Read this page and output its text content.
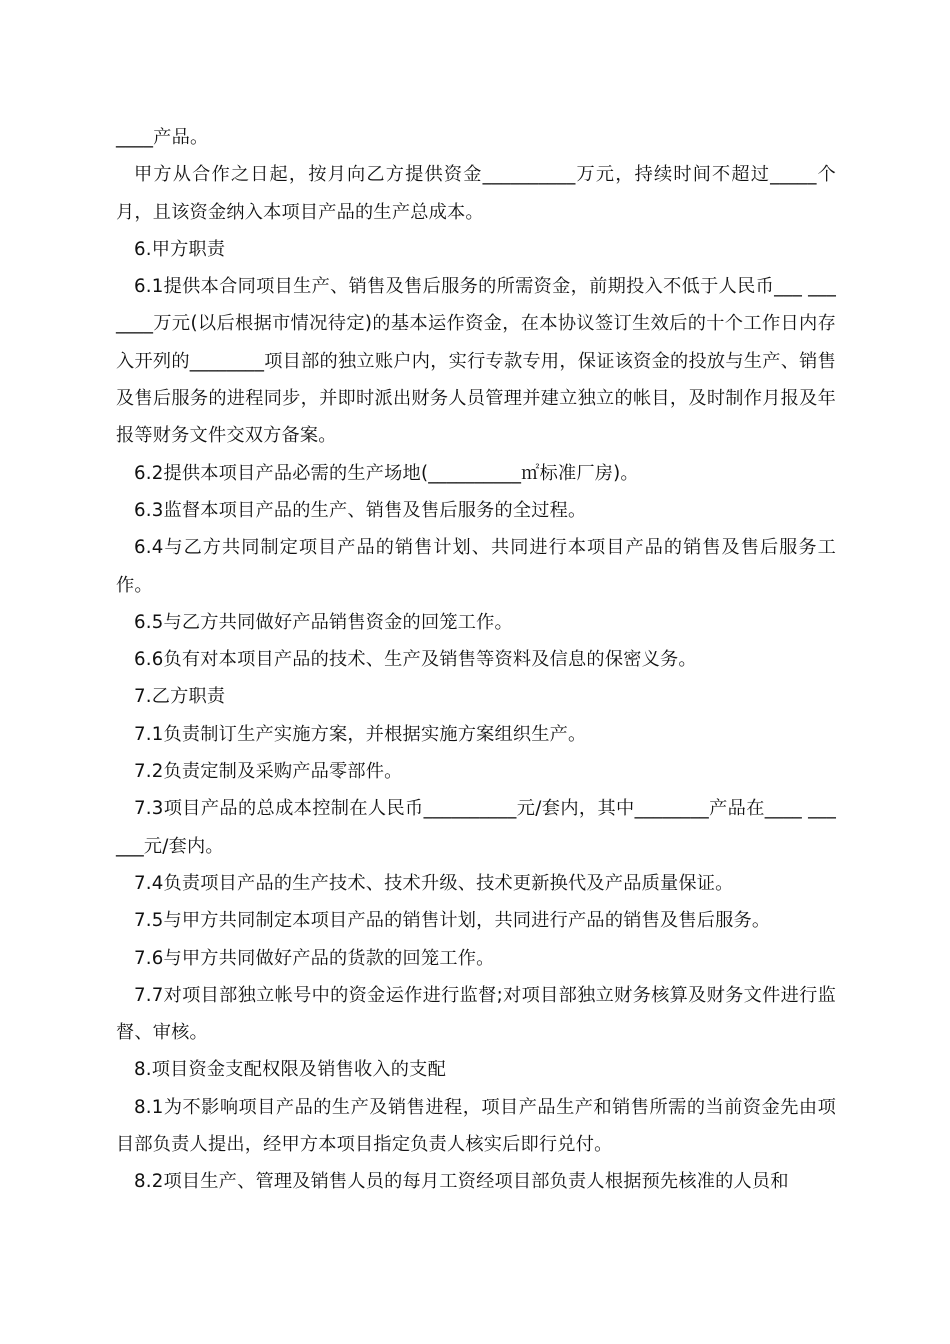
____产品。

甲方从合作之日起，按月向乙方提供资金__________万元，持续时间不超过_____个月，且该资金纳入本项目产品的生产总成本。

6.甲方职责

6.1提供本合同项目生产、销售及售后服务的所需资金，前期投入不低于人民币___ _______万元(以后根据市情况待定)的基本运作资金，在本协议签订生效后的十个工作日内存入开列的________项目部的独立账户内，实行专款专用，保证该资金的投放与生产、销售及售后服务的进程同步，并即时派出财务人员管理并建立独立的帐目，及时制作月报及年报等财务文件交双方备案。

6.2提供本项目产品必需的生产场地(__________㎡标准厂房)。

6.3监督本项目产品的生产、销售及售后服务的全过程。

6.4与乙方共同制定项目产品的销售计划、共同进行本项目产品的销售及售后服务工作。

6.5与乙方共同做好产品销售资金的回笼工作。

6.6负有对本项目产品的技术、生产及销售等资料及信息的保密义务。

7.乙方职责

7.1负责制订生产实施方案，并根据实施方案组织生产。

7.2负责定制及采购产品零部件。

7.3项目产品的总成本控制在人民币__________元/套内，其中________产品在____ ______元/套内。

7.4负责项目产品的生产技术、技术升级、技术更新换代及产品质量保证。

7.5与甲方共同制定本项目产品的销售计划，共同进行产品的销售及售后服务。

7.6与甲方共同做好产品的货款的回笼工作。

7.7对项目部独立帐号中的资金运作进行监督;对项目部独立财务核算及财务文件进行监督、审核。

8.项目资金支配权限及销售收入的支配

8.1为不影响项目产品的生产及销售进程，项目产品生产和销售所需的当前资金先由项目部负责人提出，经甲方本项目指定负责人核实后即行兑付。

8.2项目生产、管理及销售人员的每月工资经项目部负责人根据预先核准的人员和
